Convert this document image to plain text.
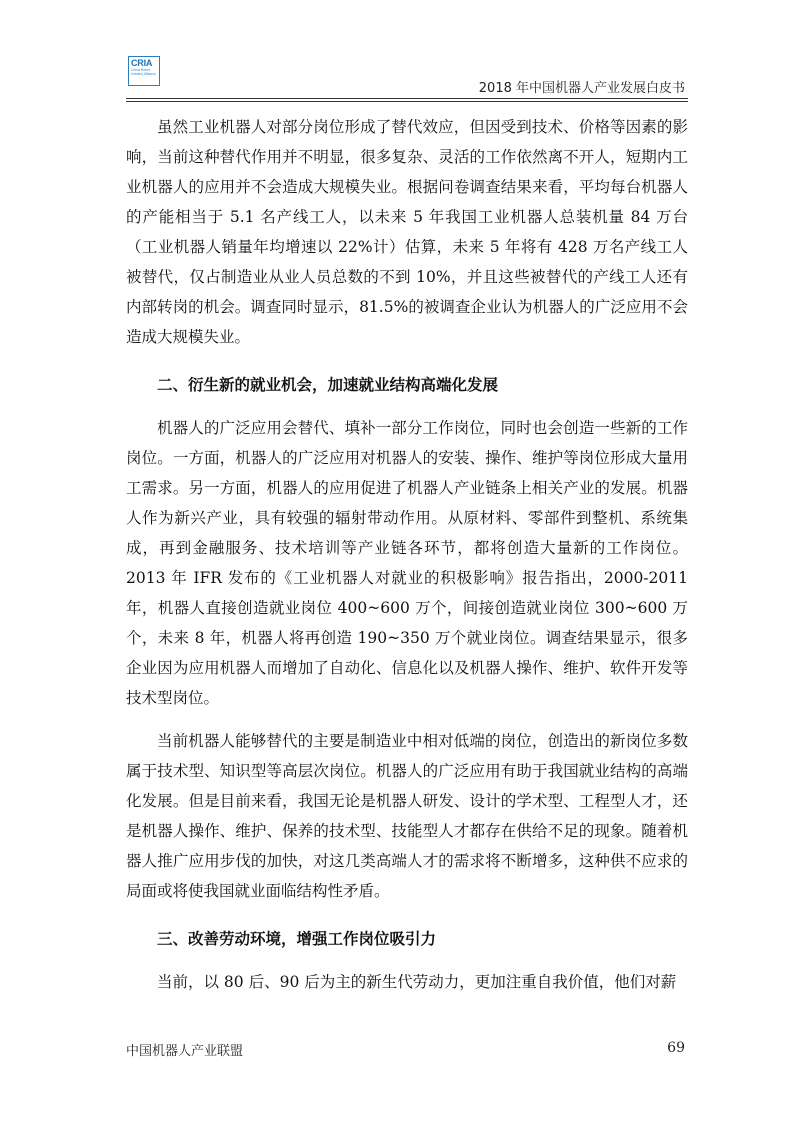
CRIA
China Robot Industry Alliance
2018 年中国机器人产业发展白皮书

虽然工业机器人对部分岗位形成了替代效应，但因受到技术、价格等因素的影响，当前这种替代作用并不明显，很多复杂、灵活的工作依然离不开人，短期内工业机器人的应用并不会造成大规模失业。根据问卷调查结果来看，平均每台机器人的产能相当于 5.1 名产线工人，以未来 5 年我国工业机器人总装机量 84 万台（工业机器人销量年均增速以 22%计）估算，未来 5 年将有 428 万名产线工人被替代，仅占制造业从业人员总数的不到 10%，并且这些被替代的产线工人还有内部转岗的机会。调查同时显示，81.5%的被调查企业认为机器人的广泛应用不会造成大规模失业。

二、衍生新的就业机会，加速就业结构高端化发展

机器人的广泛应用会替代、填补一部分工作岗位，同时也会创造一些新的工作岗位。一方面，机器人的广泛应用对机器人的安装、操作、维护等岗位形成大量用工需求。另一方面，机器人的应用促进了机器人产业链条上相关产业的发展。机器人作为新兴产业，具有较强的辐射带动作用。从原材料、零部件到整机、系统集成，再到金融服务、技术培训等产业链各环节，都将创造大量新的工作岗位。2013 年 IFR 发布的《工业机器人对就业的积极影响》报告指出，2000-2011 年，机器人直接创造就业岗位 400~600 万个，间接创造就业岗位 300~600 万个，未来 8 年，机器人将再创造 190~350 万个就业岗位。调查结果显示，很多企业因为应用机器人而增加了自动化、信息化以及机器人操作、维护、软件开发等技术型岗位。

当前机器人能够替代的主要是制造业中相对低端的岗位，创造出的新岗位多数属于技术型、知识型等高层次岗位。机器人的广泛应用有助于我国就业结构的高端化发展。但是目前来看，我国无论是机器人研发、设计的学术型、工程型人才，还是机器人操作、维护、保养的技术型、技能型人才都存在供给不足的现象。随着机器人推广应用步伐的加快，对这几类高端人才的需求将不断增多，这种供不应求的局面或将使我国就业面临结构性矛盾。

三、改善劳动环境，增强工作岗位吸引力

当前，以 80 后、90 后为主的新生代劳动力，更加注重自我价值，他们对薪

中国机器人产业联盟	69
